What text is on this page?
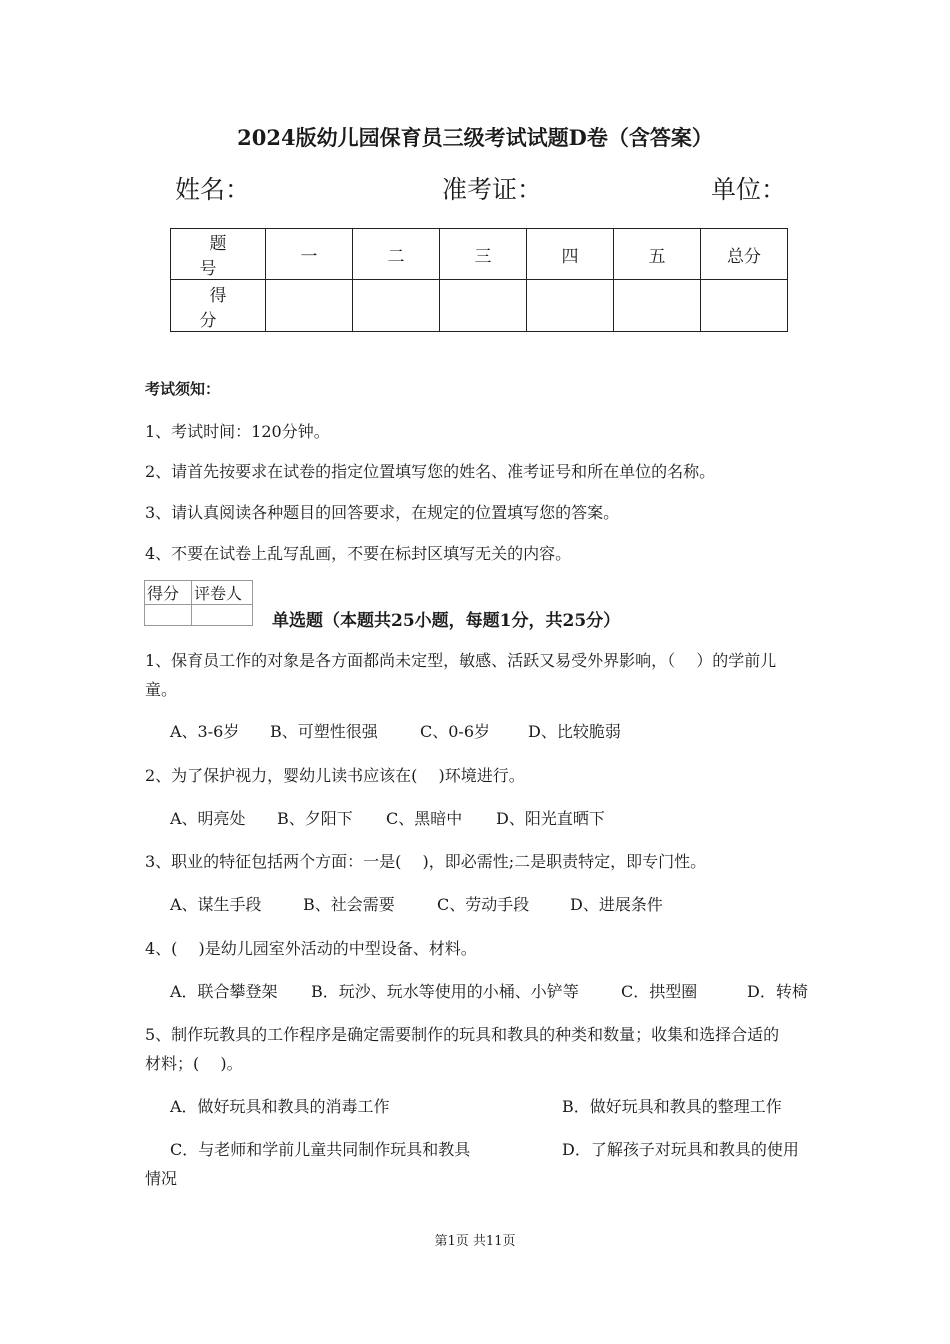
2024版幼儿园保育员三级考试试题D卷（含答案）
姓名：	准考证：	单位：
题　号	一	二	三	四	五	总分
得　分						
考试须知：
1、考试时间：120分钟。
2、请首先按要求在试卷的指定位置填写您的姓名、准考证号和所在单位的名称。
3、请认真阅读各种题目的回答要求，在规定的位置填写您的答案。
4、不要在试卷上乱写乱画，不要在标封区填写无关的内容。
得分	评卷人

单选题（本题共25小题，每题1分，共25分）
1、保育员工作的对象是各方面都尚未定型，敏感、活跃又易受外界影响，（　 ）的学前儿
童。
A、3-6岁 B、可塑性很强	C、0-6岁 D、比较脆弱
2、为了保护视力，婴幼儿读书应该在(　 )环境进行。
A、明亮处 B、夕阳下 C、黑暗中 D、阳光直晒下
3、职业的特征包括两个方面：一是(　 )，即必需性;二是职责特定，即专门性。
A、谋生手段	B、社会需要	C、劳动手段	D、进展条件
4、(　 )是幼儿园室外活动的中型设备、材料。
A．联合攀登架 B．玩沙、玩水等使用的小桶、小铲等	C．拱型圈	D．转椅
5、制作玩教具的工作程序是确定需要制作的玩具和教具的种类和数量；收集和选择合适的
材料；(　 )。
A．做好玩具和教具的消毒工作	B．做好玩具和教具的整理工作
C．与老师和学前儿童共同制作玩具和教具	D．了解孩子对玩具和教具的使用
情况
第1页 共11页
